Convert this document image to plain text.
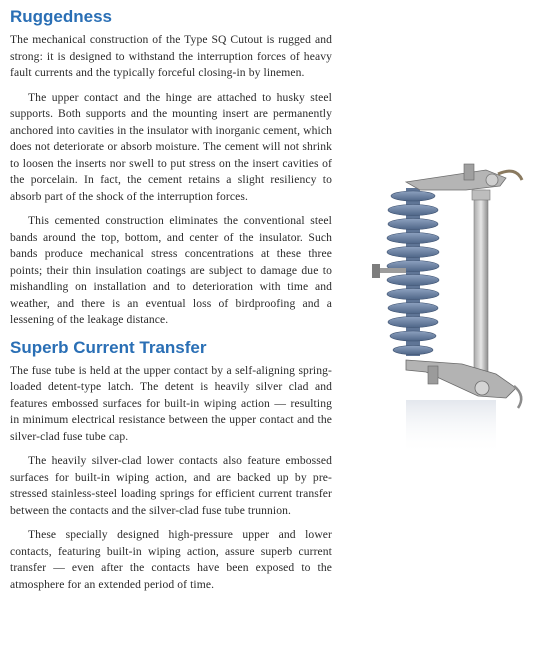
Ruggedness

The mechanical construction of the Type SQ Cutout is rugged and strong: it is designed to withstand the interruption forces of heavy fault currents and the typically forceful closing-in by linemen.

The upper contact and the hinge are attached to husky steel supports. Both supports and the mounting insert are permanently anchored into cavities in the insulator with inorganic cement, which does not deteriorate or absorb moisture. The cement will not shrink to loosen the inserts nor swell to put stress on the insert cavities of the porcelain. In fact, the cement retains a slight resiliency to absorb part of the shock of the interruption forces.

This cemented construction eliminates the conventional steel bands around the top, bottom, and center of the insulator. Such bands produce mechanical stress concentrations at these three points; their thin insulation coatings are subject to damage due to mishandling on installation and to deterioration with time and weather, and there is an eventual loss of birdproofing and a lessening of the leakage distance.

Superb Current Transfer

The fuse tube is held at the upper contact by a self-aligning spring-loaded detent-type latch. The detent is heavily silver clad and features embossed surfaces for built-in wiping action — resulting in minimum electrical resistance between the upper contact and the silver-clad fuse tube cap.

The heavily silver-clad lower contacts also feature embossed surfaces for built-in wiping action, and are backed up by pre-stressed stainless-steel loading springs for efficient current transfer between the contacts and the silver-clad fuse tube trunnion.

These specially designed high-pressure upper and lower contacts, featuring built-in wiping action, assure superb current transfer — even after the contacts have been exposed to the atmosphere for an extended period of time.
